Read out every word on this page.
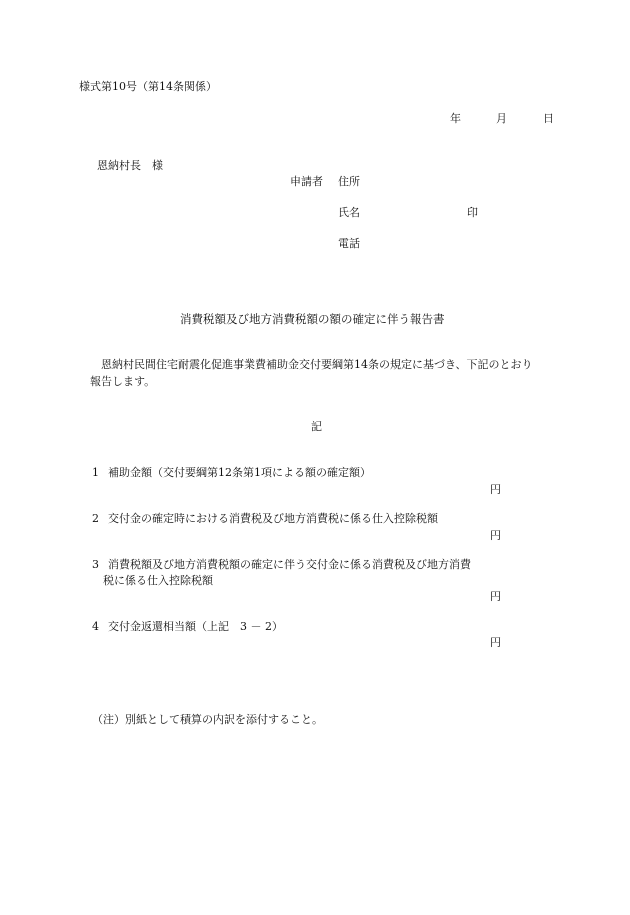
様式第10号（第14条関係）
年	月	日
恩納村長　様
申請者 住所
氏名	印
電話
消費税額及び地方消費税額の額の確定に伴う報告書
恩納村民間住宅耐震化促進事業費補助金交付要綱第14条の規定に基づき、下記のとおり
報告します。
記
1 補助金額（交付要綱第12条第1項による額の確定額）
円
2 交付金の確定時における消費税及び地方消費税に係る仕入控除税額
円
3 消費税額及び地方消費税額の確定に伴う交付金に係る消費税及び地方消費
税に係る仕入控除税額
円
4 交付金返還相当額（上記　3 － 2）
円
（注）別紙として積算の内訳を添付すること。
